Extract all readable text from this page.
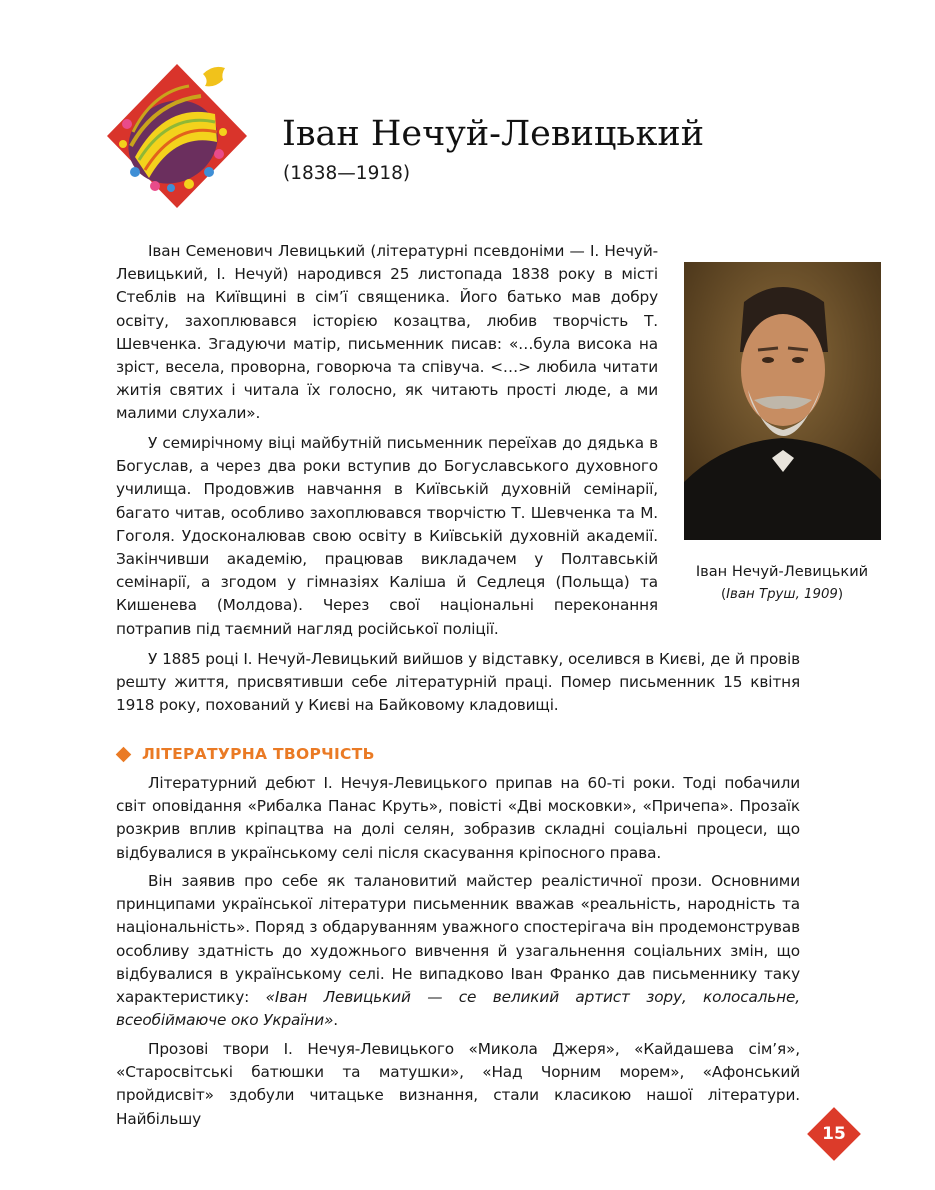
Іван Нечуй-Левицький
(1838—1918)
Іван Нечуй-Левицький
(Іван Труш, 1909)

Іван Семенович Левицький (літературні псевдоніми — І. Нечуй-Левицький, І. Нечуй) народився 25 листопада 1838 року в місті Стеблів на Київщині в сім’ї священика. Його батько мав добру освіту, захоплювався історією козацтва, любив творчість Т. Шевченка. Згадуючи матір, письменник писав: «…була висока на зріст, весела, проворна, говорюча та співуча. <…> любила читати житія святих і читала їх голосно, як читають прості люде, а ми малими слухали».

У семирічному віці майбутній письменник переїхав до дядька в Богуслав, а через два роки вступив до Богуславського духовного училища. Продовжив навчання в Київській духовній семінарії, багато читав, особливо захоплювався творчістю Т. Шевченка та М. Гоголя. Удосконалював свою освіту в Київській духовній академії. Закінчивши академію, працював викладачем у Полтавській семінарії, а згодом у гімназіях Каліша й Седлеця (Польща) та Кишенева (Молдова). Через свої національні переконання потрапив під таємний нагляд російської поліції.

У 1885 році І. Нечуй-Левицький вийшов у відставку, оселився в Києві, де й провів решту життя, присвятивши себе літературній праці. Помер письменник 15 квітня 1918 року, похований у Києві на Байковому кладовищі.

ЛІТЕРАТУРНА ТВОРЧІСТЬ

Літературний дебют І. Нечуя-Левицького припав на 60-ті роки. Тоді побачили світ оповідання «Рибалка Панас Круть», повісті «Дві московки», «Причепа». Прозаїк розкрив вплив кріпацтва на долі селян, зобразив складні соціальні процеси, що відбувалися в українському селі після скасування кріпосного права.

Він заявив про себе як талановитий майстер реалістичної прози. Основними принципами української літератури письменник вважав «реальність, народність та національність». Поряд з обдаруванням уважного спостерігача він продемонстрував особливу здатність до художнього вивчення й узагальнення соціальних змін, що відбувалися в українському селі. Не випадково Іван Франко дав письменнику таку характеристику: «Іван Левицький — се великий артист зору, колосальне, всеобіймаюче око України».

Прозові твори І. Нечуя-Левицького «Микола Джеря», «Кайдашева сім’я», «Старосвітські батюшки та матушки», «Над Чорним морем», «Афонський пройдисвіт» здобули читацьке визнання, стали класикою нашої літератури. Найбільшу

15
